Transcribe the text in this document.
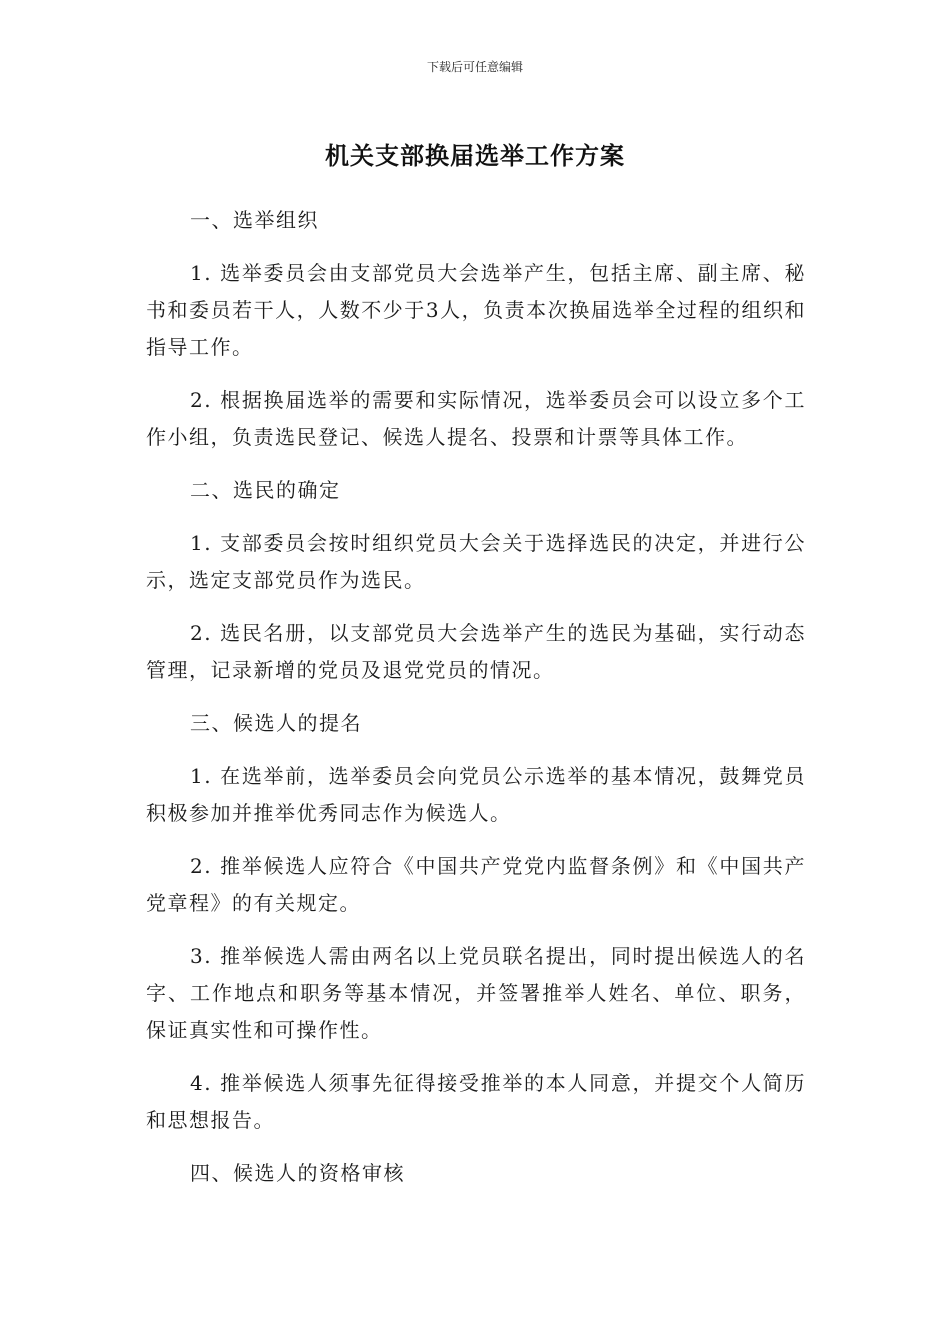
下载后可任意编辑
机关支部换届选举工作方案

一、选举组织

1. 选举委员会由支部党员大会选举产生，包括主席、副主席、秘书和委员若干人，人数不少于3人，负责本次换届选举全过程的组织和指导工作。

2. 根据换届选举的需要和实际情况，选举委员会可以设立多个工作小组，负责选民登记、候选人提名、投票和计票等具体工作。

二、选民的确定

1. 支部委员会按时组织党员大会关于选择选民的决定，并进行公示，选定支部党员作为选民。

2. 选民名册，以支部党员大会选举产生的选民为基础，实行动态管理，记录新增的党员及退党党员的情况。

三、候选人的提名

1. 在选举前，选举委员会向党员公示选举的基本情况，鼓舞党员积极参加并推举优秀同志作为候选人。

2. 推举候选人应符合《中国共产党党内监督条例》和《中国共产党章程》的有关规定。

3. 推举候选人需由两名以上党员联名提出，同时提出候选人的名字、工作地点和职务等基本情况，并签署推举人姓名、单位、职务，保证真实性和可操作性。

4. 推举候选人须事先征得接受推举的本人同意，并提交个人简历和思想报告。

四、候选人的资格审核
